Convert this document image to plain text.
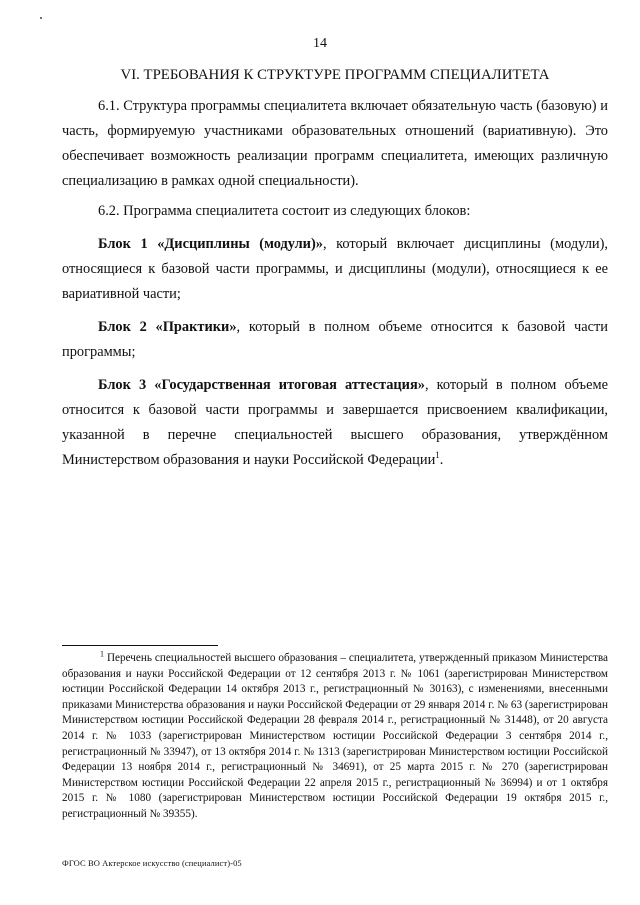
14
VI. ТРЕБОВАНИЯ К СТРУКТУРЕ ПРОГРАММ СПЕЦИАЛИТЕТА

6.1. Структура программы специалитета включает обязательную часть (базовую) и часть, формируемую участниками образовательных отношений (вариативную). Это обеспечивает возможность реализации программ специалитета, имеющих различную специализацию в рамках одной специальности).

6.2. Программа специалитета состоит из следующих блоков:

Блок 1 «Дисциплины (модули)», который включает дисциплины (модули), относящиеся к базовой части программы, и дисциплины (модули), относящиеся к ее вариативной части;

Блок 2 «Практики», который в полном объеме относится к базовой части программы;

Блок 3 «Государственная итоговая аттестация», который в полном объеме относится к базовой части программы и завершается присвоением квалификации, указанной в перечне специальностей высшего образования, утверждённом Министерством образования и науки Российской Федерации$^1$.

$^1$ Перечень специальностей высшего образования – специалитета, утвержденный приказом Министерства образования и науки Российской Федерации от 12 сентября 2013 г. № 1061 (зарегистрирован Министерством юстиции Российской Федерации 14 октября 2013 г., регистрационный № 30163), с изменениями, внесенными приказами Министерства образования и науки Российской Федерации от 29 января 2014 г. № 63 (зарегистрирован Министерством юстиции Российской Федерации 28 февраля 2014 г., регистрационный № 31448), от 20 августа 2014 г. № 1033 (зарегистрирован Министерством юстиции Российской Федерации 3 сентября 2014 г., регистрационный № 33947), от 13 октября 2014 г. № 1313 (зарегистрирован Министерством юстиции Российской Федерации 13 ноября 2014 г., регистрационный № 34691), от 25 марта 2015 г. № 270 (зарегистрирован Министерством юстиции Российской Федерации 22 апреля 2015 г., регистрационный № 36994) и от 1 октября 2015 г. № 1080 (зарегистрирован Министерством юстиции Российской Федерации 19 октября 2015 г., регистрационный № 39355).
ФГОС ВО Актерское искусство (специалист)-05
